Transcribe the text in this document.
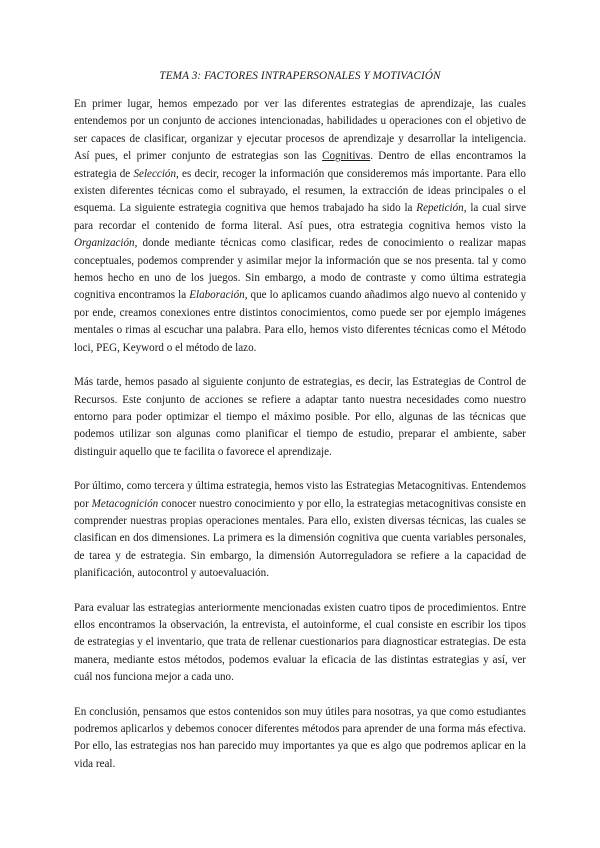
TEMA 3: FACTORES INTRAPERSONALES Y MOTIVACIÓN

En primer lugar, hemos empezado por ver las diferentes estrategias de aprendizaje, las cuales entendemos por un conjunto de acciones intencionadas, habilidades u operaciones con el objetivo de ser capaces de clasificar, organizar y ejecutar procesos de aprendizaje y desarrollar la inteligencia. Así pues, el primer conjunto de estrategias son las Cognitivas. Dentro de ellas encontramos la estrategia de Selección, es decir, recoger la información que consideremos más importante. Para ello existen diferentes técnicas como el subrayado, el resumen, la extracción de ideas principales o el esquema. La siguiente estrategia cognitiva que hemos trabajado ha sido la Repetición, la cual sirve para recordar el contenido de forma literal. Así pues, otra estrategia cognitiva hemos visto la Organización, donde mediante técnicas como clasificar, redes de conocimiento o realizar mapas conceptuales, podemos comprender y asimilar mejor la información que se nos presenta. tal y como hemos hecho en uno de los juegos. Sin embargo, a modo de contraste y como última estrategia cognitiva encontramos la Elaboración, que lo aplicamos cuando añadimos algo nuevo al contenido y por ende, creamos conexiones entre distintos conocimientos, como puede ser por ejemplo imágenes mentales o rimas al escuchar una palabra. Para ello, hemos visto diferentes técnicas como el Método loci, PEG, Keyword o el método de lazo.

Más tarde, hemos pasado al siguiente conjunto de estrategias, es decir, las Estrategias de Control de Recursos. Este conjunto de acciones se refiere a adaptar tanto nuestra necesidades como nuestro entorno para poder optimizar el tiempo el máximo posible. Por ello, algunas de las técnicas que podemos utilizar son algunas como planificar el tiempo de estudio, preparar el ambiente, saber distinguir aquello que te facilita o favorece el aprendizaje.

Por último, como tercera y última estrategia, hemos visto las Estrategias Metacognitivas. Entendemos por Metacognición conocer nuestro conocimiento y por ello, la estrategias metacognitivas consiste en comprender nuestras propias operaciones mentales. Para ello, existen diversas técnicas, las cuales se clasifican en dos dimensiones. La primera es la dimensión cognitiva que cuenta variables personales, de tarea y de estrategia. Sin embargo, la dimensión Autorreguladora se refiere a la capacidad de planificación, autocontrol y autoevaluación.

Para evaluar las estrategias anteriormente mencionadas existen cuatro tipos de procedimientos. Entre ellos encontramos la observación, la entrevista, el autoinforme, el cual consiste en escribir los tipos de estrategias y el inventario, que trata de rellenar cuestionarios para diagnosticar estrategias. De esta manera, mediante estos métodos, podemos evaluar la eficacia de las distintas estrategias y así, ver cuál nos funciona mejor a cada uno.

En conclusión, pensamos que estos contenidos son muy útiles para nosotras, ya que como estudiantes podremos aplicarlos y debemos conocer diferentes métodos para aprender de una forma más efectiva. Por ello, las estrategias nos han parecido muy importantes ya que es algo que podremos aplicar en la vida real.
